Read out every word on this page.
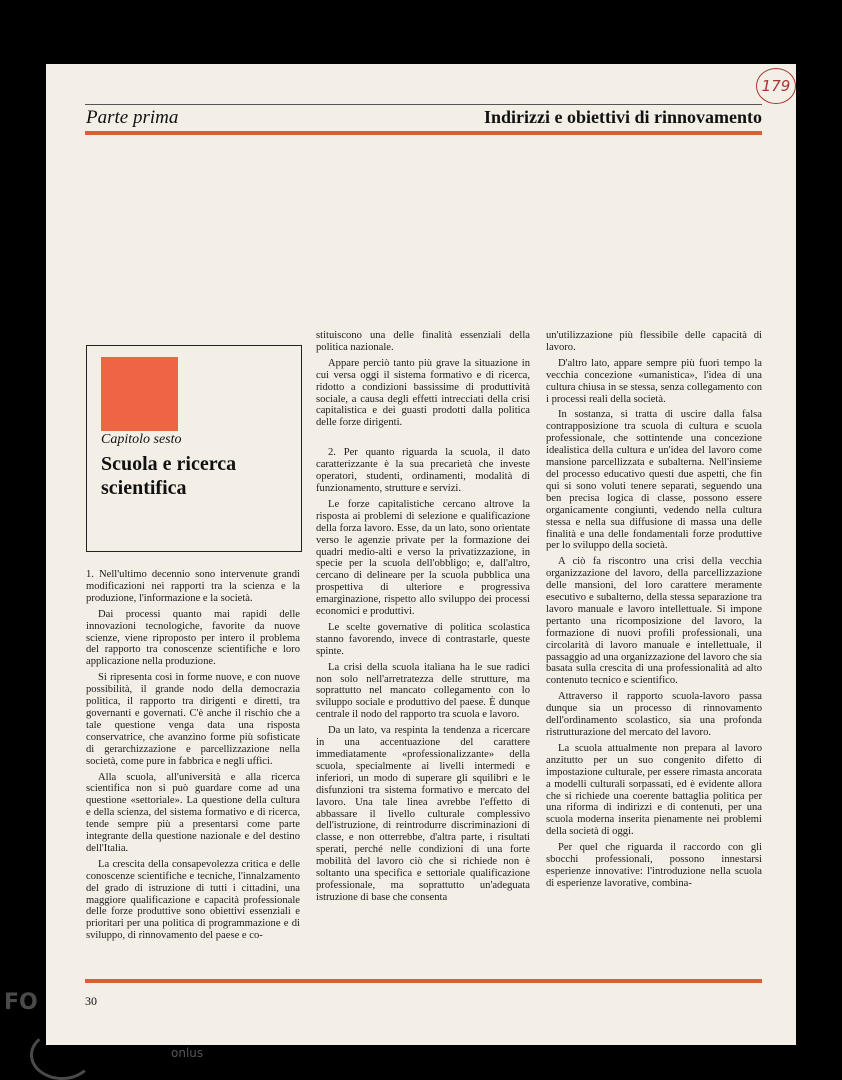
179
Parte prima	Indirizzi e obiettivi di rinnovamento
Capitolo sesto
Scuola e ricerca scientifica

1. Nell'ultimo decennio sono intervenute grandi modificazioni nei rapporti tra la scienza e la produzione, l'informazione e la società.

Dai processi quanto mai rapidi delle innovazioni tecnologiche, favorite da nuove scienze, viene riproposto per intero il problema del rapporto tra conoscenze scientifiche e loro applicazione nella produzione.

Si ripresenta così in forme nuove, e con nuove possibilità, il grande nodo della democrazia politica, il rapporto tra dirigenti e diretti, tra governanti e governati. C'è anche il rischio che a tale questione venga data una risposta conservatrice, che avanzino forme più sofisticate di gerarchizzazione e parcellizzazione nella società, come pure in fabbrica e negli uffici.

Alla scuola, all'università e alla ricerca scientifica non si può guardare come ad una questione «settoriale». La questione della cultura e della scienza, del sistema formativo e di ricerca, tende sempre più a presentarsi come parte integrante della questione nazionale e del destino dell'Italia.

La crescita della consapevolezza critica e delle conoscenze scientifiche e tecniche, l'innalzamento del grado di istruzione di tutti i cittadini, una maggiore qualificazione e capacità professionale delle forze produttive sono obiettivi essenziali e prioritari per una politica di programmazione e di sviluppo, di rinnovamento del paese e co-

stituiscono una delle finalità essenziali della politica nazionale.

Appare perciò tanto più grave la situazione in cui versa oggi il sistema formativo e di ricerca, ridotto a condizioni bassissime di produttività sociale, a causa degli effetti intrecciati della crisi capitalistica e dei guasti prodotti dalla politica delle forze dirigenti.

2. Per quanto riguarda la scuola, il dato caratterizzante è la sua precarietà che investe operatori, studenti, ordinamenti, modalità di funzionamento, strutture e servizi.

Le forze capitalistiche cercano altrove la risposta ai problemi di selezione e qualificazione della forza lavoro. Esse, da un lato, sono orientate verso le agenzie private per la formazione dei quadri medio-alti e verso la privatizzazione, in specie per la scuola dell'obbligo; e, dall'altro, cercano di delineare per la scuola pubblica una prospettiva di ulteriore e progressiva emarginazione, rispetto allo sviluppo dei processi economici e produttivi.

Le scelte governative di politica scolastica stanno favorendo, invece di contrastarle, queste spinte.

La crisi della scuola italiana ha le sue radici non solo nell'arretratezza delle strutture, ma soprattutto nel mancato collegamento con lo sviluppo sociale e produttivo del paese. È dunque centrale il nodo del rapporto tra scuola e lavoro.

Da un lato, va respinta la tendenza a ricercare in una accentuazione del carattere immediatamente «professionalizzante» della scuola, specialmente ai livelli intermedi e inferiori, un modo di superare gli squilibri e le disfunzioni tra sistema formativo e mercato del lavoro. Una tale linea avrebbe l'effetto di abbassare il livello culturale complessivo dell'istruzione, di reintrodurre discriminazioni di classe, e non otterrebbe, d'altra parte, i risultati sperati, perché nelle condizioni di una forte mobilità del lavoro ciò che si richiede non è soltanto una specifica e settoriale qualificazione professionale, ma soprattutto un'adeguata istruzione di base che consenta

un'utilizzazione più flessibile delle capacità di lavoro.

D'altro lato, appare sempre più fuori tempo la vecchia concezione «umanistica», l'idea di una cultura chiusa in se stessa, senza collegamento con i processi reali della società.

In sostanza, si tratta di uscire dalla falsa contrapposizione tra scuola di cultura e scuola professionale, che sottintende una concezione idealistica della cultura e un'idea del lavoro come mansione parcellizzata e subalterna. Nell'insieme del processo educativo questi due aspetti, che fin qui si sono voluti tenere separati, seguendo una ben precisa logica di classe, possono essere organicamente congiunti, vedendo nella cultura stessa e nella sua diffusione di massa una delle finalità e una delle fondamentali forze produttive per lo sviluppo della società.

A ciò fa riscontro una crisi della vecchia organizzazione del lavoro, della parcellizzazione delle mansioni, del loro carattere meramente esecutivo e subalterno, della stessa separazione tra lavoro manuale e lavoro intellettuale. Si impone pertanto una ricomposizione del lavoro, la formazione di nuovi profili professionali, una circolarità di lavoro manuale e intellettuale, il passaggio ad una organizzazione del lavoro che sia basata sulla crescita di una professionalità ad alto contenuto tecnico e scientifico.

Attraverso il rapporto scuola-lavoro passa dunque sia un processo di rinnovamento dell'ordinamento scolastico, sia una profonda ristrutturazione del mercato del lavoro.

La scuola attualmente non prepara al lavoro anzitutto per un suo congenito difetto di impostazione culturale, per essere rimasta ancorata a modelli culturali sorpassati, ed è evidente allora che si richiede una coerente battaglia politica per una riforma di indirizzi e di contenuti, per una scuola moderna inserita pienamente nei problemi della società di oggi.

Per quel che riguarda il raccordo con gli sbocchi professionali, possono innestarsi esperienze innovative: l'introduzione nella scuola di esperienze lavorative, combina-

30
FO
onlus
